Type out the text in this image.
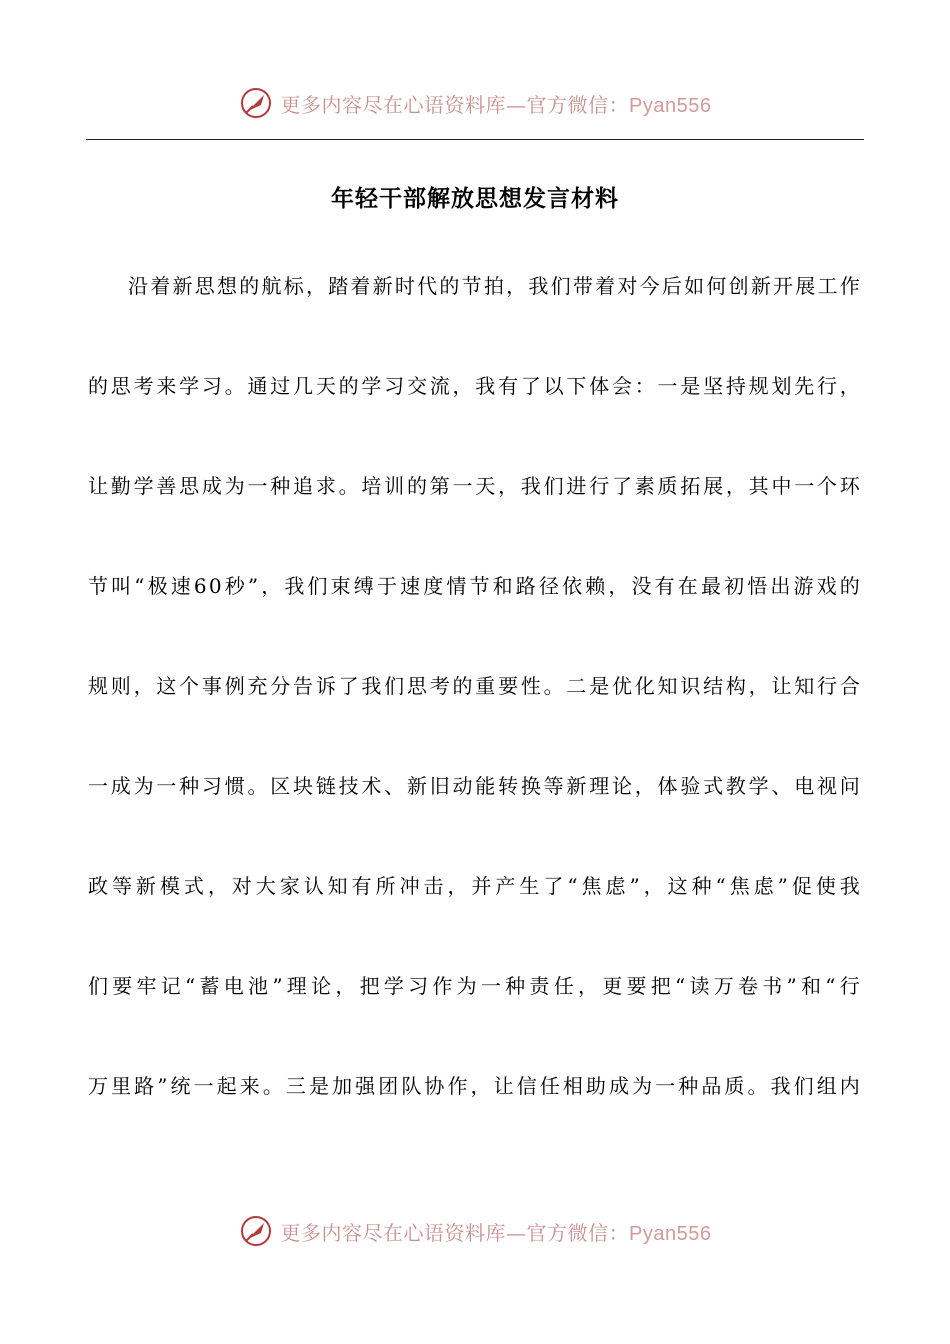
更多内容尽在心语资料库—官方微信：Pyan556
年轻干部解放思想发言材料
沿着新思想的航标，踏着新时代的节拍，我们带着对今后如何创新开展工作
的思考来学习。通过几天的学习交流，我有了以下体会：一是坚持规划先行，
让勤学善思成为一种追求。培训的第一天，我们进行了素质拓展，其中一个环
节叫“极速60秒”，我们束缚于速度情节和路径依赖，没有在最初悟出游戏的
规则，这个事例充分告诉了我们思考的重要性。二是优化知识结构，让知行合
一成为一种习惯。区块链技术、新旧动能转换等新理论，体验式教学、电视问
政等新模式，对大家认知有所冲击，并产生了“焦虑”，这种“焦虑”促使我
们要牢记“蓄电池”理论，把学习作为一种责任，更要把“读万卷书”和“行
万里路”统一起来。三是加强团队协作，让信任相助成为一种品质。我们组内
更多内容尽在心语资料库—官方微信：Pyan556
